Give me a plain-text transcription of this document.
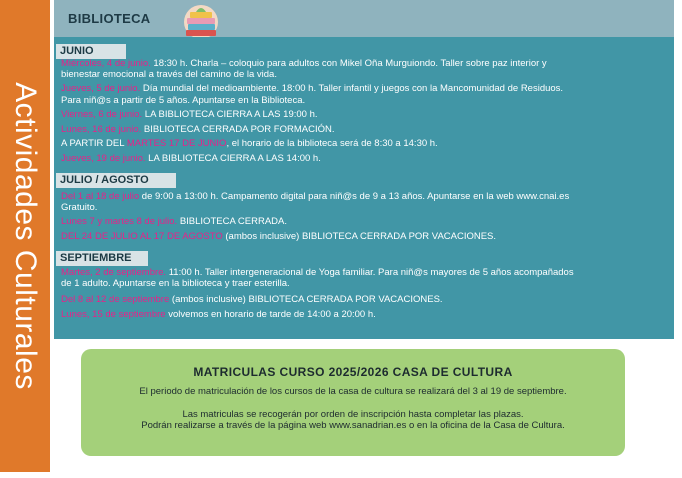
Actividades Culturales
BIBLIOTECA
JUNIO
Miércoles, 4 de junio. 18:30 h. Charla – coloquio para adultos con Mikel Oña Murguiondo. Taller sobre paz interior y
bienestar emocional a través del camino de la vida.
Jueves, 5 de junio. Día mundial del medioambiente. 18:00 h. Taller infantil y juegos con la Mancomunidad de Residuos.
Para niñ@s a partir de 5 años. Apuntarse en la Biblioteca.
Viernes, 6 de junio. LA BIBLIOTECA CIERRA A LAS 19:00 h.
Lunes, 16 de junio. BIBLIOTECA CERRADA POR FORMACIÓN.
A PARTIR DEL MARTES 17 DE JUNIO, el horario de la biblioteca será de 8:30 a 14:30 h.
Jueves, 19 de junio. LA BIBLIOTECA CIERRA A LAS 14:00 h.
JULIO / AGOSTO
Del 1 al 18 de julio de 9:00 a 13:00 h. Campamento digital para niñ@s de 9 a 13 años. Apuntarse en la web www.cnai.es
Gratuito.
Lunes 7 y martes 8 de julio. BIBLIOTECA CERRADA.
DEL 24 DE JULIO AL 17 DE AGOSTO (ambos inclusive) BIBLIOTECA CERRADA POR VACACIONES.
SEPTIEMBRE
Martes, 2 de septiembre. 11:00 h. Taller intergeneracional de Yoga familiar. Para niñ@s mayores de 5 años acompañados
de 1 adulto. Apuntarse en la biblioteca y traer esterilla.
Del 8 al 12 de septiembre (ambos inclusive) BIBLIOTECA CERRADA POR VACACIONES.
Lunes, 15 de septiembre volvemos en horario de tarde de 14:00 a 20:00 h.
MATRICULAS CURSO 2025/2026 CASA DE CULTURA
El periodo de matriculación de los cursos de la casa de cultura se realizará del 3 al 19 de septiembre.
Las matriculas se recogerán por orden de inscripción hasta completar las plazas.
Podrán realizarse a través de la página web www.sanadrian.es o en la oficina de la Casa de Cultura.
